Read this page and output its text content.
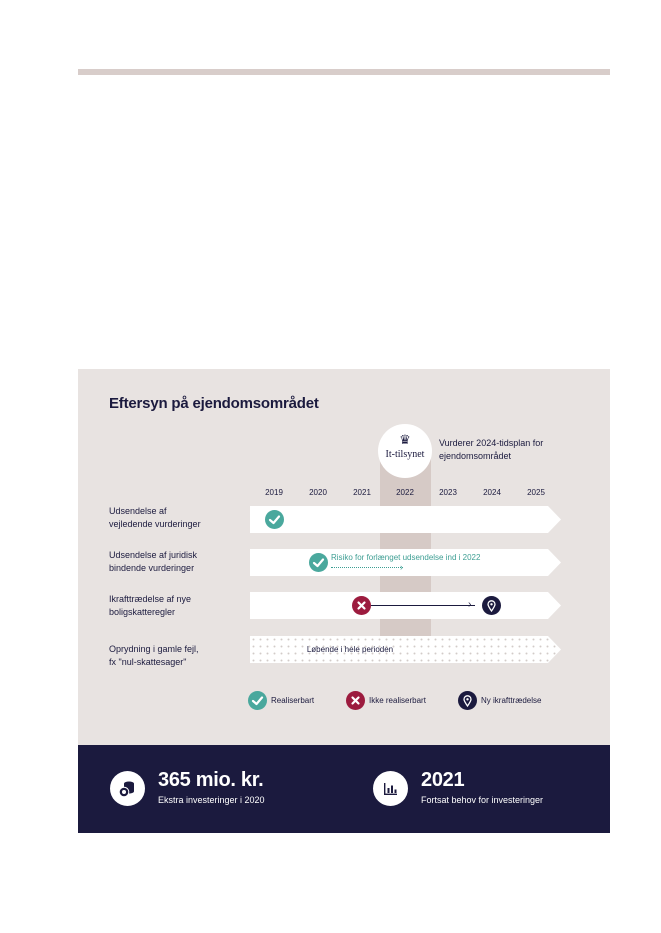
Eftersyn på ejendomsområdet
♛
It-tilsynet
Vurderer 2024-tidsplan for ejendomsområdet
2019	2020	2021	2022	2023	2024	2025
Udsendelse af
vejledende vurderinger
Udsendelse af juridisk
bindende vurderinger
Risiko for forlænget udsendelse ind i 2022
›
Ikrafttrædelse af nye
boligskatteregler
›
Oprydning i gamle fejl,
fx "nul-skattesager"
Løbende i hele perioden
Realiserbart	Ikke realiserbart	Ny ikrafttrædelse
365 mio. kr.
Ekstra investeringer i 2020
2021
Fortsat behov for investeringer
